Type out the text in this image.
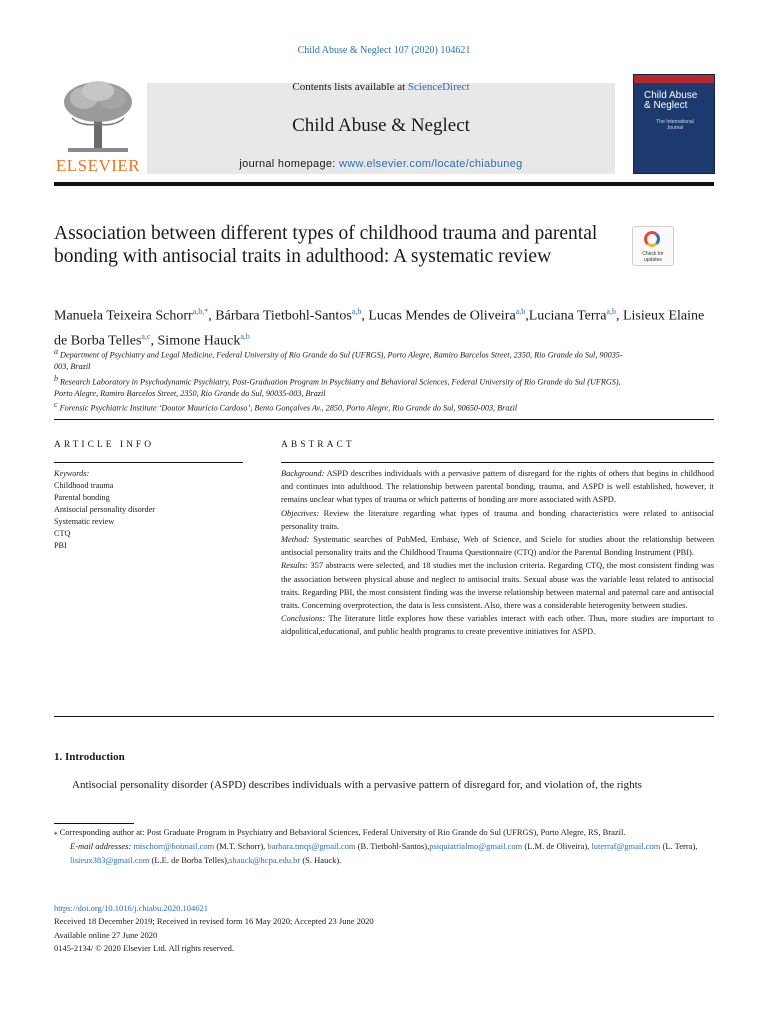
Child Abuse & Neglect 107 (2020) 104621
ELSEVIER
Contents lists available at ScienceDirect
Child Abuse & Neglect
journal homepage: www.elsevier.com/locate/chiabuneg
Child Abuse & Neglect
The International Journal
Association between different types of childhood trauma and parental bonding with antisocial traits in adulthood: A systematic review	Check for updates
Manuela Teixeira Schorr$^{a,b,*}$, Bárbara Tietbohl-Santos$^{a,b}$, Lucas Mendes de Oliveira$^{a,b}$,Luciana Terra$^{a,b}$, Lisieux Elaine de Borba Telles$^{a,c}$, Simone Hauck$^{a,b}$
$^a$ Department of Psychiatry and Legal Medicine, Federal University of Rio Grande do Sul (UFRGS), Porto Alegre, Ramiro Barcelos Street, 2350, Rio Grande do Sul, 90035-003, Brazil
$^b$ Research Laboratory in Psychodynamic Psychiatry, Post-Graduation Program in Psychiatry and Behavioral Sciences, Federal University of Rio Grande do Sul (UFRGS), Porto Alegre, Ramiro Barcelos Street, 2350, Rio Grande do Sul, 90035-003, Brazil
$^c$ Forensic Psychiatric Institute ‘Doutor Maurício Cardoso’, Bento Gonçalves Av., 2850, Porto Alegre, Rio Grande do Sul, 90650-003, Brazil
ARTICLE INFO	ABSTRACT
Keywords:
Childhood trauma
Parental bonding
Antisocial personality disorder
Systematic review
CTQ
PBI

Background: ASPD describes individuals with a pervasive pattern of disregard for the rights of others that begins in childhood and continues into adulthood. The relationship between parental bonding, trauma, and ASPD is well established, however, it remains unclear what types of trauma or which patterns of bonding are more associated with ASPD.

Objectives: Review the literature regarding what types of trauma and bonding characteristics were related to antisocial personality traits.

Method: Systematic searches of PubMed, Embase, Web of Science, and Scielo for studies about the relationship between antisocial personality traits and the Childhood Trauma Questionnaire (CTQ) and/or the Parental Bonding Instrument (PBI).

Results: 357 abstracts were selected, and 18 studies met the inclusion criteria. Regarding CTQ, the most consistent finding was the association between physical abuse and neglect to antisocial traits. Sexual abuse was the variable least related to antisocial traits. Regarding PBI, the most consistent finding was the inverse relationship between maternal and paternal care and antisocial traits. Concerning overprotection, the data is less consistent. Also, there was a considerable heterogenity between studies.

Conclusions: The literature little explores how these variables interact with each other. Thus, more studies are important to aidpolitical,educational, and public health programs to create preventive initiatives for ASPD.

1. Introduction
Antisocial personality disorder (ASPD) describes individuals with a pervasive pattern of disregard for, and violation of, the rights
⁎ Corresponding author at: Post Graduate Program in Psychiatry and Behavioral Sciences, Federal University of Rio Grande do Sul (UFRGS), Porto Alegre, RS, Brazil.
E-mail addresses: mtschorr@hotmail.com (M.T. Schorr), barbara.tmqs@gmail.com (B. Tietbohl-Santos),psiquiatrialmo@gmail.com (L.M. de Oliveira), luterraf@gmail.com (L. Terra), lisieux383@gmail.com (L.E. de Borba Telles),shauck@hcpa.edu.br (S. Hauck).
https://doi.org/10.1016/j.chiabu.2020.104621
Received 18 December 2019; Received in revised form 16 May 2020; Accepted 23 June 2020
Available online 27 June 2020
0145-2134/ © 2020 Elsevier Ltd. All rights reserved.
